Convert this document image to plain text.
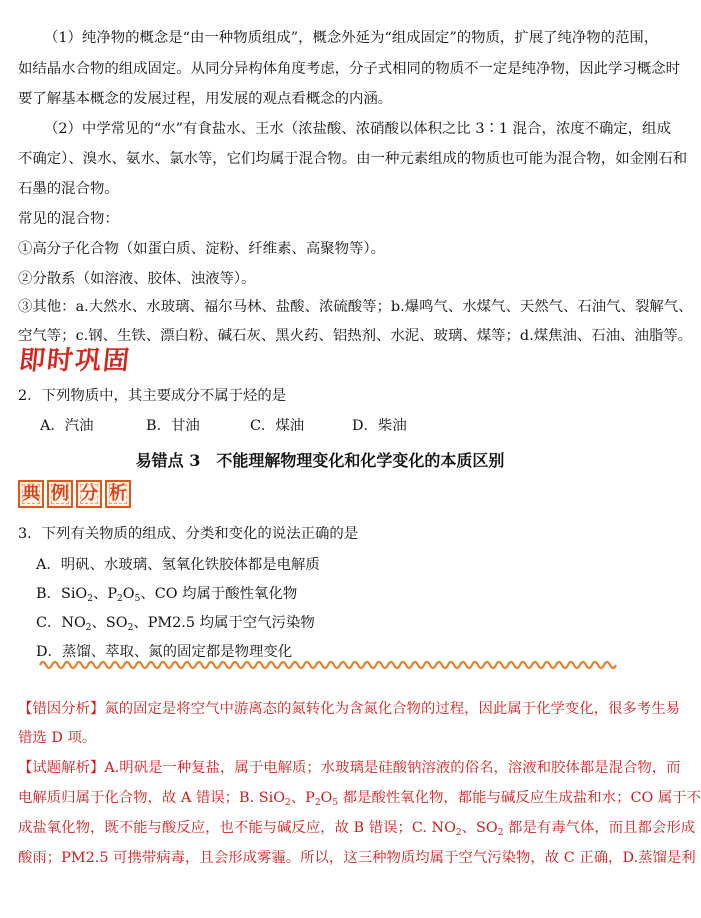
（1）纯净物的概念是“由一种物质组成”，概念外延为“组成固定”的物质，扩展了纯净物的范围，
如结晶水合物的组成固定。从同分异构体角度考虑，分子式相同的物质不一定是纯净物，因此学习概念时
要了解基本概念的发展过程，用发展的观点看概念的内涵。
（2）中学常见的“水”有食盐水、王水（浓盐酸、浓硝酸以体积之比 3∶1 混合，浓度不确定，组成
不确定）、溴水、氨水、氯水等，它们均属于混合物。由一种元素组成的物质也可能为混合物，如金刚石和
石墨的混合物。
常见的混合物：
①高分子化合物（如蛋白质、淀粉、纤维素、高聚物等）。
②分散系（如溶液、胶体、浊液等）。
③其他：a.大然水、水玻璃、福尔马林、盐酸、浓硫酸等；b.爆鸣气、水煤气、天然气、石油气、裂解气、
空气等；c.钢、生铁、漂白粉、碱石灰、黑火药、铝热剂、水泥、玻璃、煤等；d.煤焦油、石油、油脂等。
即
时
巩
固
2．下列物质中，其主要成分不属于烃的是
A．汽油	B．甘油	C．煤油	D．柴油
易错点 3　不能理解物理变化和化学变化的本质区别
典 例 分 析
3．下列有关物质的组成、分类和变化的说法正确的是
A．明矾、水玻璃、氢氧化铁胶体都是电解质
B．SiO$_2$、$P_2O_5$、CO 均属于酸性氧化物
C．$NO_2$、$SO_2$、PM2.5 均属于空气污染物
D．蒸馏、萃取、氮的固定都是物理变化
【错因分析】氮的固定是将空气中游离态的氮转化为含氮化合物的过程，因此属于化学变化，很多考生易
错选 D 项。
【试题解析】A.明矾是一种复盐，属于电解质；水玻璃是硅酸钠溶液的俗名，溶液和胶体都是混合物，而
电解质归属于化合物，故 A 错误；B. SiO$_2$、$P_2O_5$ 都是酸性氧化物，都能与碱反应生成盐和水；CO 属于不
成盐氧化物，既不能与酸反应，也不能与碱反应，故 B 错误；C. $NO_2$、$SO_2$ 都是有毒气体，而且都会形成
酸雨；PM2.5 可携带病毒，且会形成雾霾。所以，这三种物质均属于空气污染物，故 C 正确，D.蒸馏是利
